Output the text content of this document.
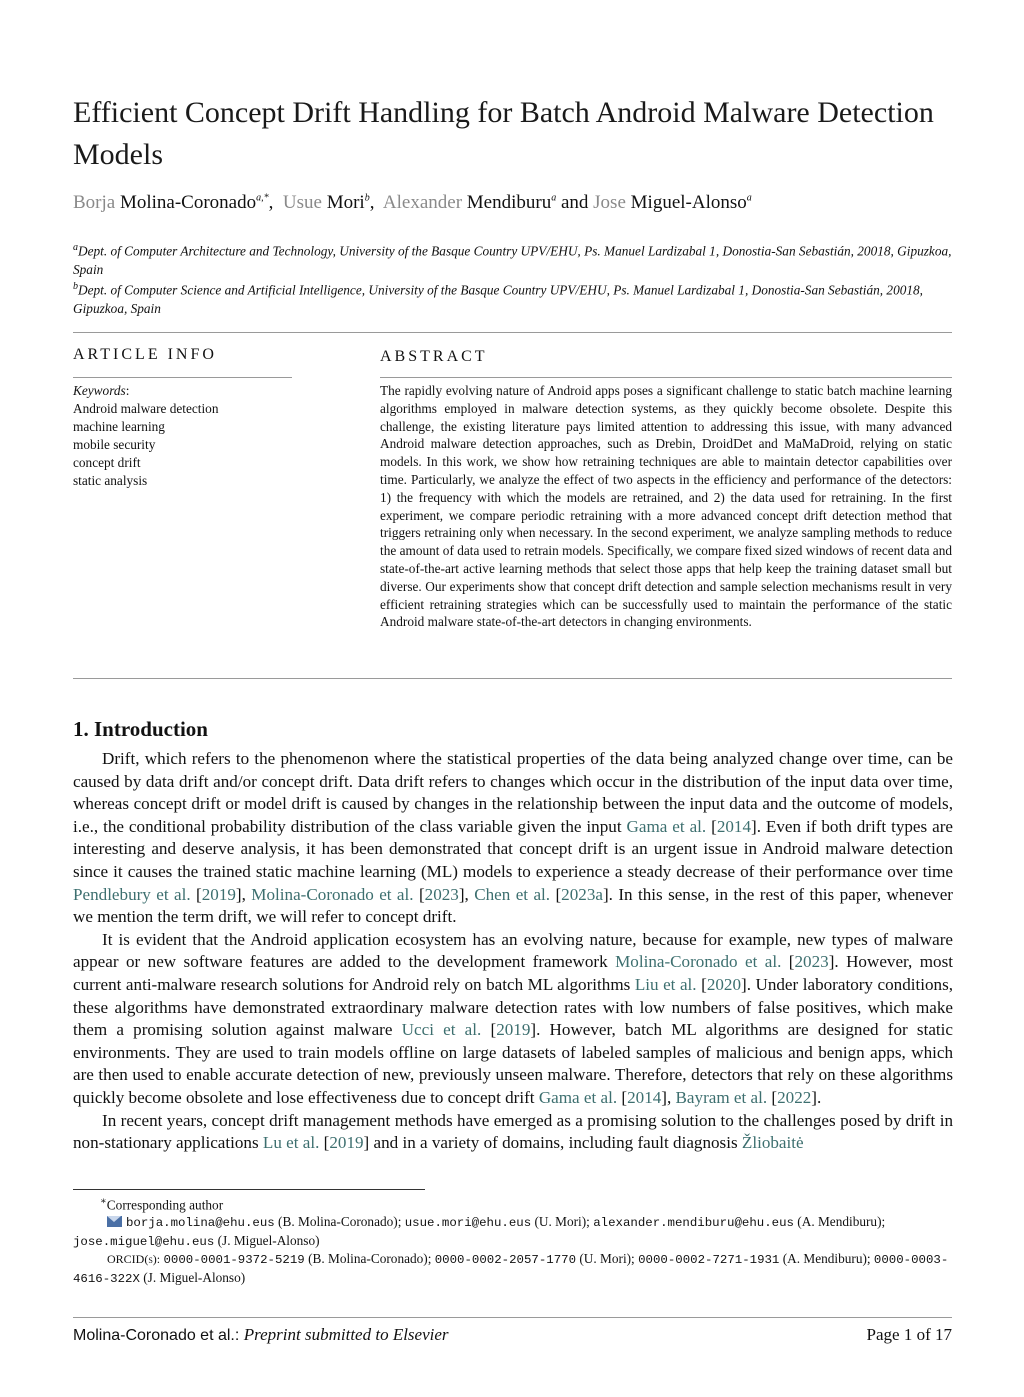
Efficient Concept Drift Handling for Batch Android Malware Detection Models
Borja Molina-Coronado$^{a,*}$,  Usue Mori$^b$,  Alexander Mendiburu$^a$ and Jose Miguel-Alonso$^a$
$^a$Dept. of Computer Architecture and Technology, University of the Basque Country UPV/EHU, Ps. Manuel Lardizabal 1, Donostia-San Sebastián, 20018, Gipuzkoa, Spain
$^b$Dept. of Computer Science and Artificial Intelligence, University of the Basque Country UPV/EHU, Ps. Manuel Lardizabal 1, Donostia-San Sebastián, 20018, Gipuzkoa, Spain
ARTICLE INFO
Keywords:
Android malware detection
machine learning
mobile security
concept drift
static analysis
ABSTRACT

The rapidly evolving nature of Android apps poses a significant challenge to static batch machine learning algorithms employed in malware detection systems, as they quickly become obsolete. Despite this challenge, the existing literature pays limited attention to addressing this issue, with many advanced Android malware detection approaches, such as Drebin, DroidDet and MaMaDroid, relying on static models. In this work, we show how retraining techniques are able to maintain detector capabilities over time. Particularly, we analyze the effect of two aspects in the efficiency and performance of the detectors: 1) the frequency with which the models are retrained, and 2) the data used for retraining. In the first experiment, we compare periodic retraining with a more advanced concept drift detection method that triggers retraining only when necessary. In the second experiment, we analyze sampling methods to reduce the amount of data used to retrain models. Specifically, we compare fixed sized windows of recent data and state-of-the-art active learning methods that select those apps that help keep the training dataset small but diverse. Our experiments show that concept drift detection and sample selection mechanisms result in very efficient retraining strategies which can be successfully used to maintain the performance of the static Android malware state-of-the-art detectors in changing environments.

1. Introduction

Drift, which refers to the phenomenon where the statistical properties of the data being analyzed change over time, can be caused by data drift and/or concept drift. Data drift refers to changes which occur in the distribution of the input data over time, whereas concept drift or model drift is caused by changes in the relationship between the input data and the outcome of models, i.e., the conditional probability distribution of the class variable given the input Gama et al. [2014]. Even if both drift types are interesting and deserve analysis, it has been demonstrated that concept drift is an urgent issue in Android malware detection since it causes the trained static machine learning (ML) models to experience a steady decrease of their performance over time Pendlebury et al. [2019], Molina-Coronado et al. [2023], Chen et al. [2023a]. In this sense, in the rest of this paper, whenever we mention the term drift, we will refer to concept drift.

It is evident that the Android application ecosystem has an evolving nature, because for example, new types of malware appear or new software features are added to the development framework Molina-Coronado et al. [2023]. However, most current anti-malware research solutions for Android rely on batch ML algorithms Liu et al. [2020]. Under laboratory conditions, these algorithms have demonstrated extraordinary malware detection rates with low numbers of false positives, which make them a promising solution against malware Ucci et al. [2019]. However, batch ML algorithms are designed for static environments. They are used to train models offline on large datasets of labeled samples of malicious and benign apps, which are then used to enable accurate detection of new, previously unseen malware. Therefore, detectors that rely on these algorithms quickly become obsolete and lose effectiveness due to concept drift Gama et al. [2014], Bayram et al. [2022].

In recent years, concept drift management methods have emerged as a promising solution to the challenges posed by drift in non-stationary applications Lu et al. [2019] and in a variety of domains, including fault diagnosis Žliobaitė

∗Corresponding author
borja.molina@ehu.eus (B. Molina-Coronado); usue.mori@ehu.eus (U. Mori); alexander.mendiburu@ehu.eus (A. Mendiburu); jose.miguel@ehu.eus (J. Miguel-Alonso)
ORCID(s): 0000-0001-9372-5219 (B. Molina-Coronado); 0000-0002-2057-1770 (U. Mori); 0000-0002-7271-1931 (A. Mendiburu); 0000-0003-4616-322X (J. Miguel-Alonso)
Molina-Coronado et al.: Preprint submitted to Elsevier	Page 1 of 17
